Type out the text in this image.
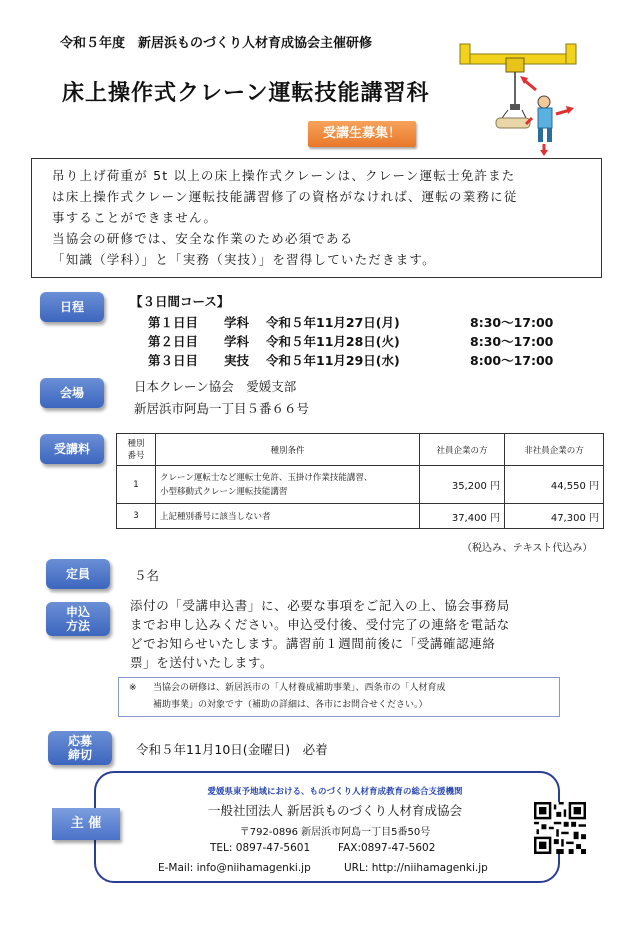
令和５年度　新居浜ものづくり人材育成協会主催研修
床上操作式クレーン運転技能講習科
受講生募集！
吊り上げ荷重が 5t 以上の床上操作式クレーンは、クレーン運転士免許また
は床上操作式クレーン運転技能講習修了の資格がなければ、運転の業務に従
事することができません。
当協会の研修では、安全な作業のため必須である
「知識（学科）」と「実務（実技）」を習得していただきます。
日程	【３日間コース】
第１日目 学科 令和５年11月27日(月)	8:30～17:00
第２日目 学科 令和５年11月28日(火)	8:30～17:00
第３日目 実技 令和５年11月29日(水)	8:00～17:00
会場	日本クレーン協会　愛媛支部
新居浜市阿島一丁目５番６６号
受講料	種別
番号	種別条件	社員企業の方	非社員企業の方
1	クレーン運転士など運転士免許、玉掛け作業技能講習、
小型移動式クレーン運転技能講習	35,200 円	44,550 円
3	上記種別番号に該当しない者	37,400 円	47,300 円
（税込み、テキスト代込み）
定員	５名
申込
方法
添付の「受講申込書」に、必要な事項をご記入の上、協会事務局
までお申し込みください。申込受付後、受付完了の連絡を電話な
どでお知らせいたします。講習前１週間前後に「受講確認連絡
票」を送付いたします。
※	当協会の研修は、新居浜市の「人材養成補助事業」、西条市の「人材育成
補助事業」の対象です（補助の詳細は、各市にお問合せください。）
応募
締切	令和５年11月10日(金曜日)　必着
主 催
愛媛県東予地域における、ものづくり人材育成教育の総合支援機関
一般社団法人 新居浜ものづくり人材育成協会
〒792-0896 新居浜市阿島一丁目5番50号
TEL: 0897-47-5601	FAX:0897-47-5602
E-Mail: info@niihamagenki.jp	URL: http://niihamagenki.jp
